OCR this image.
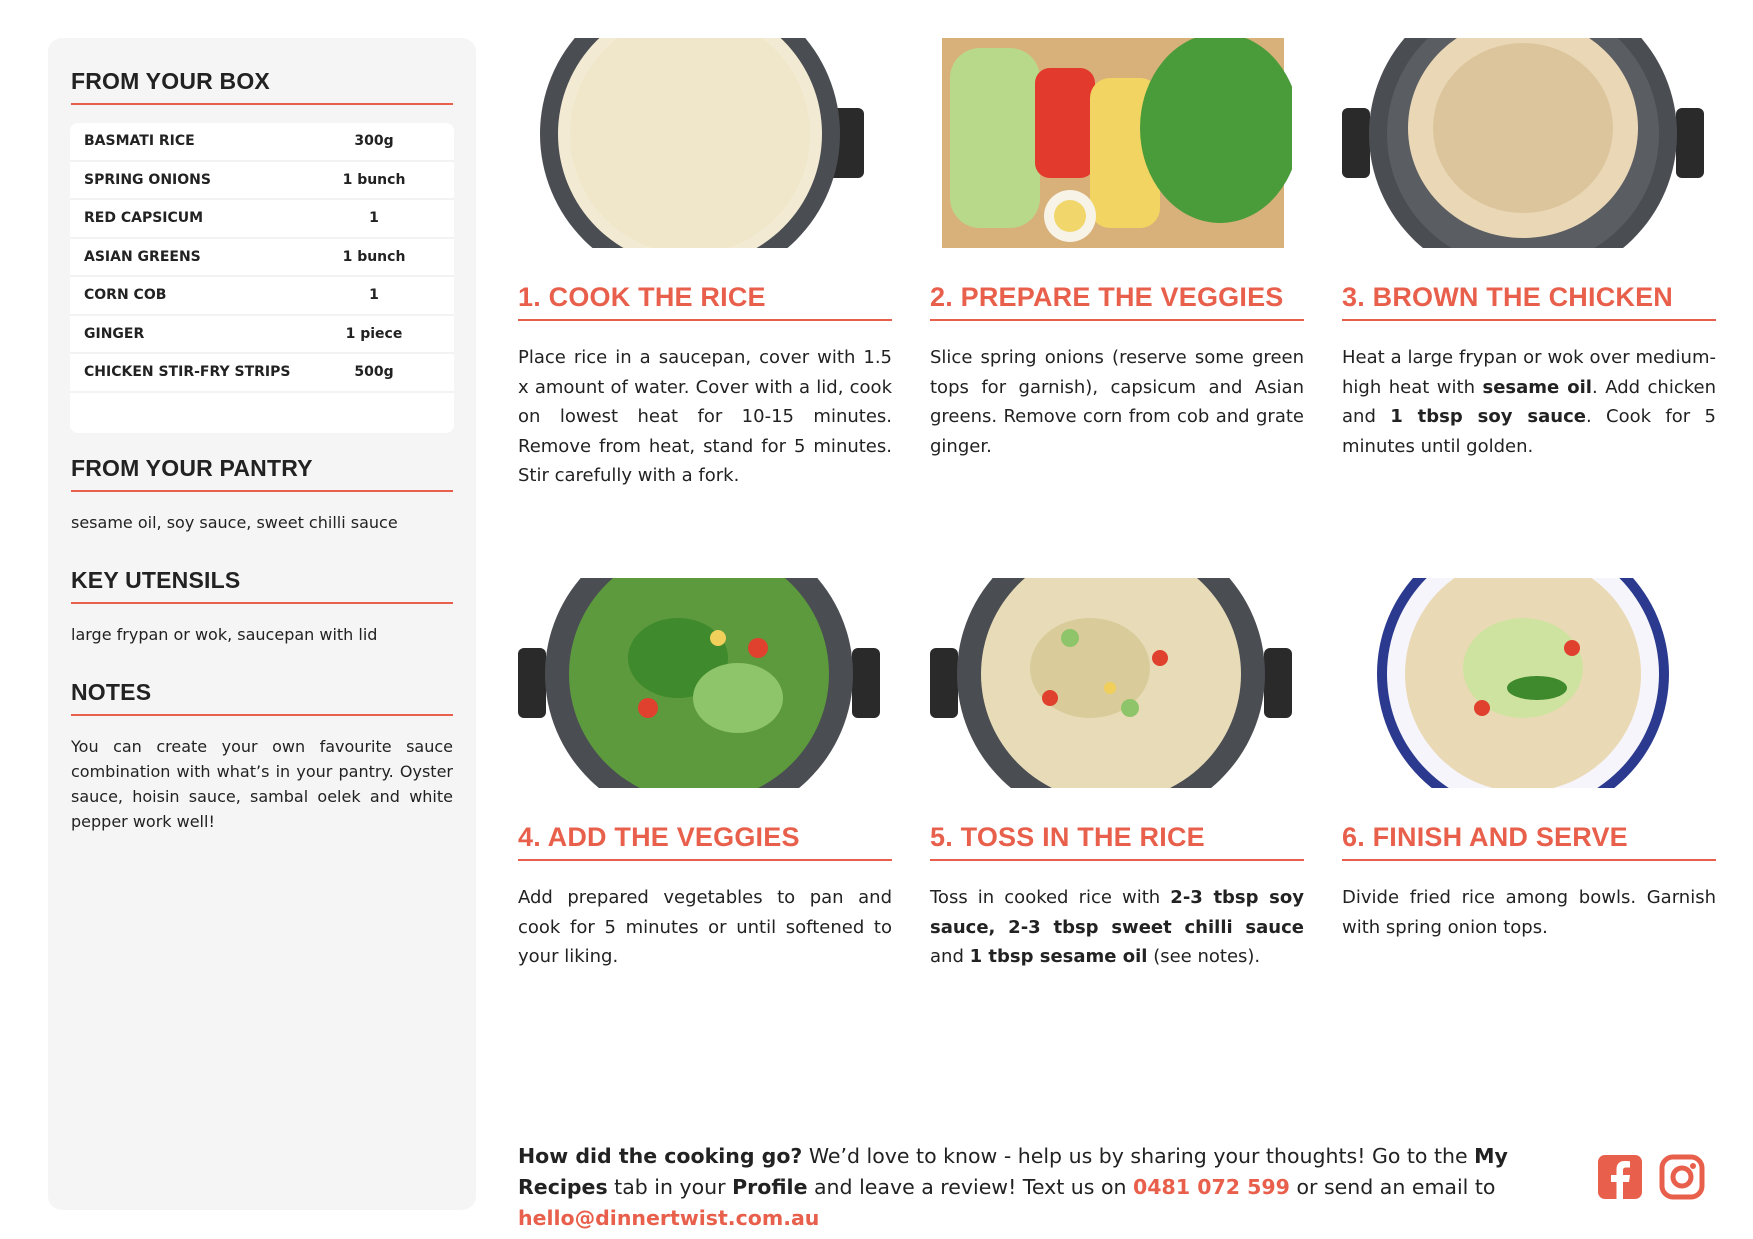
FROM YOUR BOX
BASMATI RICE	300g
SPRING ONIONS	1 bunch
RED CAPSICUM	1
ASIAN GREENS	1 bunch
CORN COB	1
GINGER	1 piece
CHICKEN STIR-FRY STRIPS	500g
FROM YOUR PANTRY
sesame oil, soy sauce, sweet chilli sauce
KEY UTENSILS
large frypan or wok, saucepan with lid
NOTES
You can create your own favourite sauce combination with what’s in your pantry. Oyster sauce, hoisin sauce, sambal oelek and white pepper work well!
1. COOK THE RICE
Place rice in a saucepan, cover with 1.5 x amount of water. Cover with a lid, cook on lowest heat for 10-15 minutes. Remove from heat, stand for 5 minutes. Stir carefully with a fork.
2. PREPARE THE VEGGIES
Slice spring onions (reserve some green tops for garnish), capsicum and Asian greens. Remove corn from cob and grate ginger.
3. BROWN THE CHICKEN
Heat a large frypan or wok over medium-high heat with sesame oil. Add chicken and 1 tbsp soy sauce. Cook for 5 minutes until golden.
4. ADD THE VEGGIES
Add prepared vegetables to pan and cook for 5 minutes or until softened to your liking.
5. TOSS IN THE RICE
Toss in cooked rice with 2-3 tbsp soy sauce, 2-3 tbsp sweet chilli sauce and 1 tbsp sesame oil (see notes).
6. FINISH AND SERVE
Divide fried rice among bowls. Garnish with spring onion tops.
How did the cooking go? We’d love to know - help us by sharing your thoughts! Go to the My Recipes tab in your Profile and leave a review! Text us on 0481 072 599 or send an email to hello@dinnertwist.com.au
